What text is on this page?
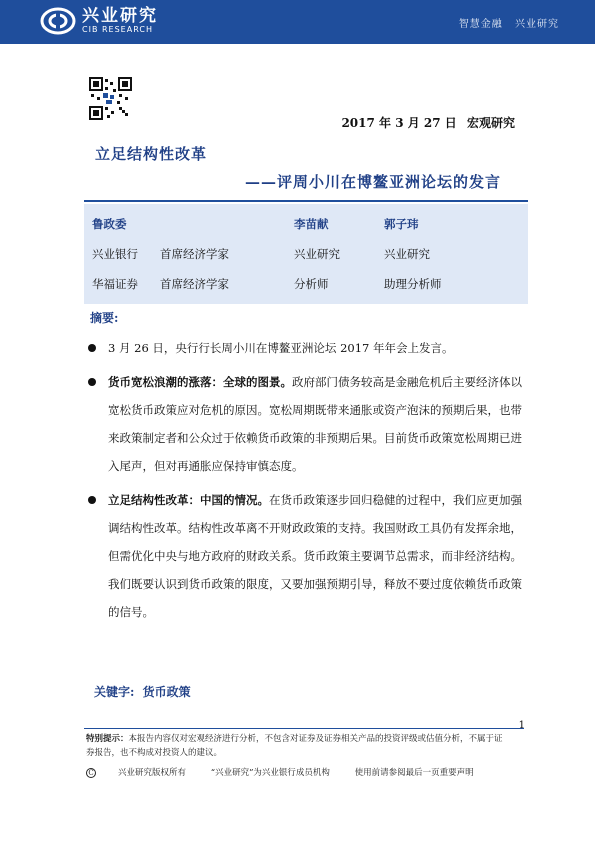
兴业研究
CIB RESEARCH	智慧金融 兴业研究
2017 年 3 月 27 日 宏观研究
立足结构性改革
——评周小川在博鳌亚洲论坛的发言
鲁政委	李苗献	郭子玮
兴业银行 首席经济学家	兴业研究	兴业研究
华福证券 首席经济学家	分析师	助理分析师
摘要:
3 月 26 日，央行行长周小川在博鳌亚洲论坛 2017 年年会上发言。
货币宽松浪潮的涨落：全球的图景。政府部门债务较高是金融危机后主要经济体以宽松货币政策应对危机的原因。宽松周期既带来通胀或资产泡沫的预期后果，也带来政策制定者和公众过于依赖货币政策的非预期后果。目前货币政策宽松周期已进入尾声，但对再通胀应保持审慎态度。
立足结构性改革：中国的情况。在货币政策逐步回归稳健的过程中，我们应更加强调结构性改革。结构性改革离不开财政政策的支持。我国财政工具仍有发挥余地，但需优化中央与地方政府的财政关系。货币政策主要调节总需求，而非经济结构。我们既要认识到货币政策的限度，又要加强预期引导，释放不要过度依赖货币政策的信号。
关键字: 货币政策
1
特别提示：本报告内容仅对宏观经济进行分析，不包含对证券及证券相关产品的投资评级或估值分析，不属于证券报告，也不构成对投资人的建议。
C	兴业研究版权所有	“兴业研究”为兴业银行成员机构	使用前请参阅最后一页重要声明
